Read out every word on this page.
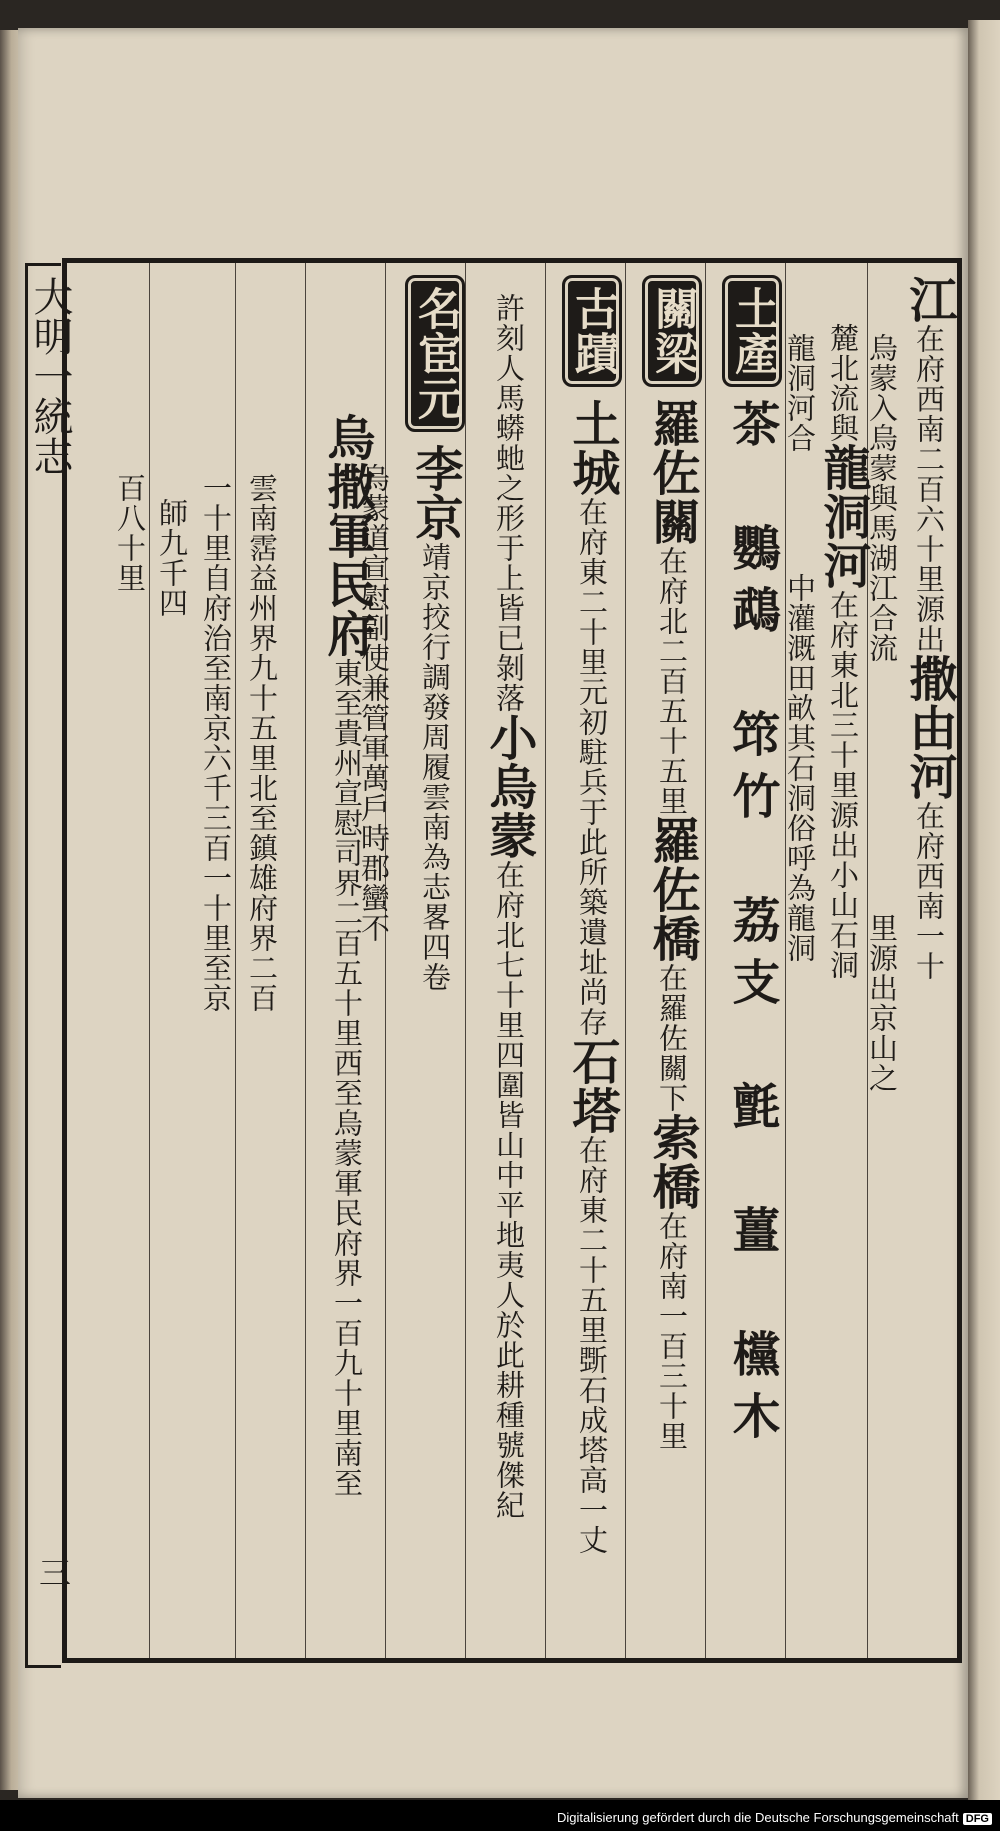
大明一統志
三
江在府西南二百六十里源出撒由河在府西南一十
烏蒙入烏蒙與馬湖江合流里源出京山之
麓北流與龍洞河在府東北三十里源出小山石洞
龍洞河合中灌溉田畝其石洞俗呼為龍洞
土產茶　鸚鵡　筇竹　荔支　氈　薑　欓木
關梁羅佐關在府北二百五十五里羅佐橋在羅佐關下索橋在府南一百三十里
古蹟土城在府東二十里元初駐兵于此所築遺址尚存石塔在府東二十五里斲石成塔高一丈
許刻人馬蟒虵之形于上皆已剝落小烏蒙在府北七十里四圍皆山中平地夷人於此耕種號傑紀
名宦元李京靖京挍行調發周履雲南為志畧四卷
烏蒙道宣慰副使兼管軍萬戶時郡蠻不
烏撒軍民府東至貴州宣慰司界二百五十里西至烏蒙軍民府界一百九十里南至
雲南霑益州界九十五里北至鎮雄府界二百
一十里自府治至南京六千三百一十里至京
師九千四
百八十里
Digitalisierung gefördert durch die Deutsche Forschungsgemeinschaft DFG
